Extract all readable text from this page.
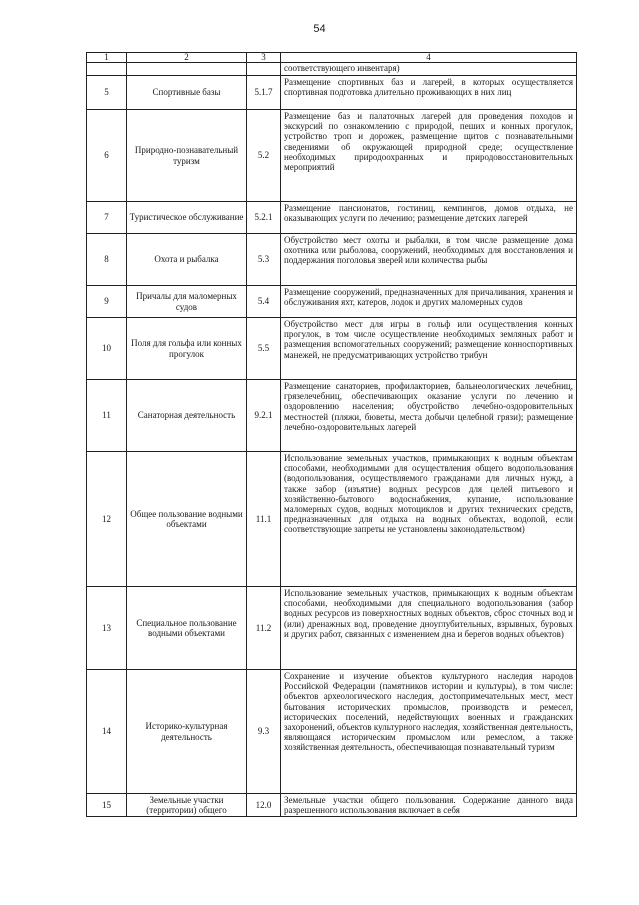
54
1	2	3	4
			соответствующего инвентаря)
5	Спортивные базы	5.1.7	Размещение спортивных баз и лагерей, в которых осуществляется спортивная подготовка длительно проживающих в них лиц
6	Природно-познавательный туризм	5.2	Размещение баз и палаточных лагерей для проведения походов и экскурсий по ознакомлению с природой, пеших и конных прогулок, устройство троп и дорожек, размещение щитов с познавательными сведениями об окружающей природной среде; осуществление необходимых природоохранных и природовосстановительных мероприятий
7	Туристическое обслуживание	5.2.1	Размещение пансионатов, гостиниц, кемпингов, домов отдыха, не оказывающих услуги по лечению; размещение детских лагерей
8	Охота и рыбалка	5.3	Обустройство мест охоты и рыбалки, в том числе размещение дома охотника или рыболова, сооружений, необходимых для восстановления и поддержания поголовья зверей или количества рыбы
9	Причалы для маломерных судов	5.4	Размещение сооружений, предназначенных для причаливания, хранения и обслуживания яхт, катеров, лодок и других маломерных судов
10	Поля для гольфа или конных прогулок	5.5	Обустройство мест для игры в гольф или осуществления конных прогулок, в том числе осуществление необходимых земляных работ и размещения вспомогательных сооружений; размещение конноспортивных манежей, не предусматривающих устройство трибун
11	Санаторная деятельность	9.2.1	Размещение санаториев, профилакториев, бальнеологических лечебниц, грязелечебниц, обеспечивающих оказание услуги по лечению и оздоровлению населения; обустройство лечебно-оздоровительных местностей (пляжи, бюветы, места добычи целебной грязи); размещение лечебно-оздоровительных лагерей
12	Общее пользование водными объектами	11.1	Использование земельных участков, примыкающих к водным объектам способами, необходимыми для осуществления общего водопользования (водопользования, осуществляемого гражданами для личных нужд, а также забор (изъятие) водных ресурсов для целей питьевого и хозяйственно-бытового водоснабжения, купание, использование маломерных судов, водных мотоциклов и других технических средств, предназначенных для отдыха на водных объектах, водопой, если соответствующие запреты не установлены законодательством)
13	Специальное пользование водными объектами	11.2	Использование земельных участков, примыкающих к водным объектам способами, необходимыми для специального водопользования (забор водных ресурсов из поверхностных водных объектов, сброс сточных вод и (или) дренажных вод, проведение дноуглубительных, взрывных, буровых и других работ, связанных с изменением дна и берегов водных объектов)
14	Историко-культурная деятельность	9.3	Сохранение и изучение объектов культурного наследия народов Российской Федерации (памятников истории и культуры), в том числе: объектов археологического наследия, достопримечательных мест, мест бытования исторических промыслов, производств и ремесел, исторических поселений, недействующих военных и гражданских захоронений, объектов культурного наследия, хозяйственная деятельность, являющаяся историческим промыслом или ремеслом, а также хозяйственная деятельность, обеспечивающая познавательный туризм
15	Земельные участки (территории) общего	12.0	Земельные участки общего пользования. Содержание данного вида разрешенного использования включает в себя
